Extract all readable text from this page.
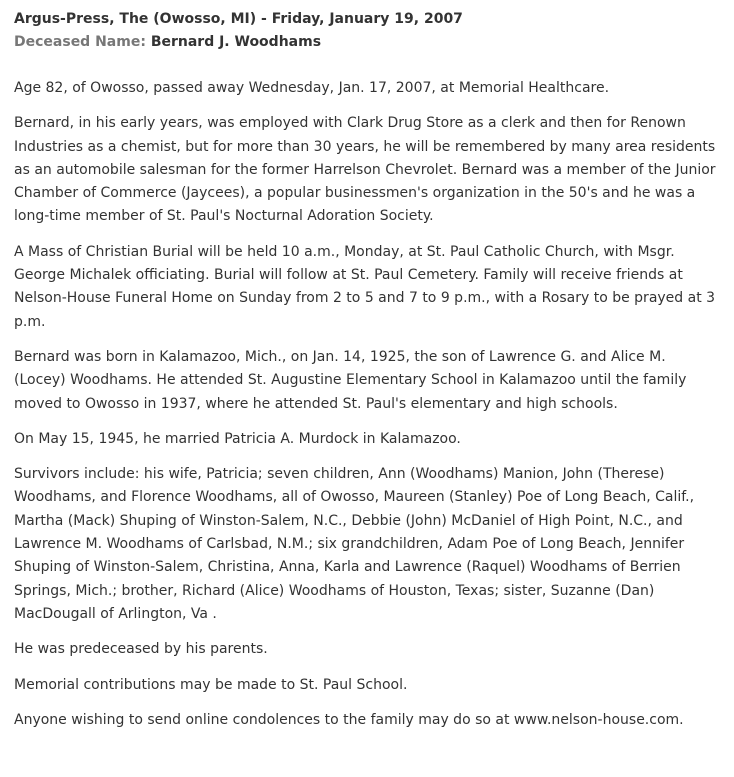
Argus-Press, The (Owosso, MI) - Friday, January 19, 2007

Deceased Name: Bernard J. Woodhams

Age 82, of Owosso, passed away Wednesday, Jan. 17, 2007, at Memorial Healthcare.

Bernard, in his early years, was employed with Clark Drug Store as a clerk and then for Renown Industries as a chemist, but for more than 30 years, he will be remembered by many area residents as an automobile salesman for the former Harrelson Chevrolet. Bernard was a member of the Junior Chamber of Commerce (Jaycees), a popular businessmen's organization in the 50's and he was a long-time member of St. Paul's Nocturnal Adoration Society.

A Mass of Christian Burial will be held 10 a.m., Monday, at St. Paul Catholic Church, with Msgr. George Michalek officiating. Burial will follow at St. Paul Cemetery. Family will receive friends at Nelson-House Funeral Home on Sunday from 2 to 5 and 7 to 9 p.m., with a Rosary to be prayed at 3 p.m.

Bernard was born in Kalamazoo, Mich., on Jan. 14, 1925, the son of Lawrence G. and Alice M. (Locey) Woodhams. He attended St. Augustine Elementary School in Kalamazoo until the family moved to Owosso in 1937, where he attended St. Paul's elementary and high schools.

On May 15, 1945, he married Patricia A. Murdock in Kalamazoo.

Survivors include: his wife, Patricia; seven children, Ann (Woodhams) Manion, John (Therese) Woodhams, and Florence Woodhams, all of Owosso, Maureen (Stanley) Poe of Long Beach, Calif., Martha (Mack) Shuping of Winston-Salem, N.C., Debbie (John) McDaniel of High Point, N.C., and Lawrence M. Woodhams of Carlsbad, N.M.; six grandchildren, Adam Poe of Long Beach, Jennifer Shuping of Winston-Salem, Christina, Anna, Karla and Lawrence (Raquel) Woodhams of Berrien Springs, Mich.; brother, Richard (Alice) Woodhams of Houston, Texas; sister, Suzanne (Dan) MacDougall of Arlington, Va .

He was predeceased by his parents.

Memorial contributions may be made to St. Paul School.

Anyone wishing to send online condolences to the family may do so at www.nelson-house.com.
